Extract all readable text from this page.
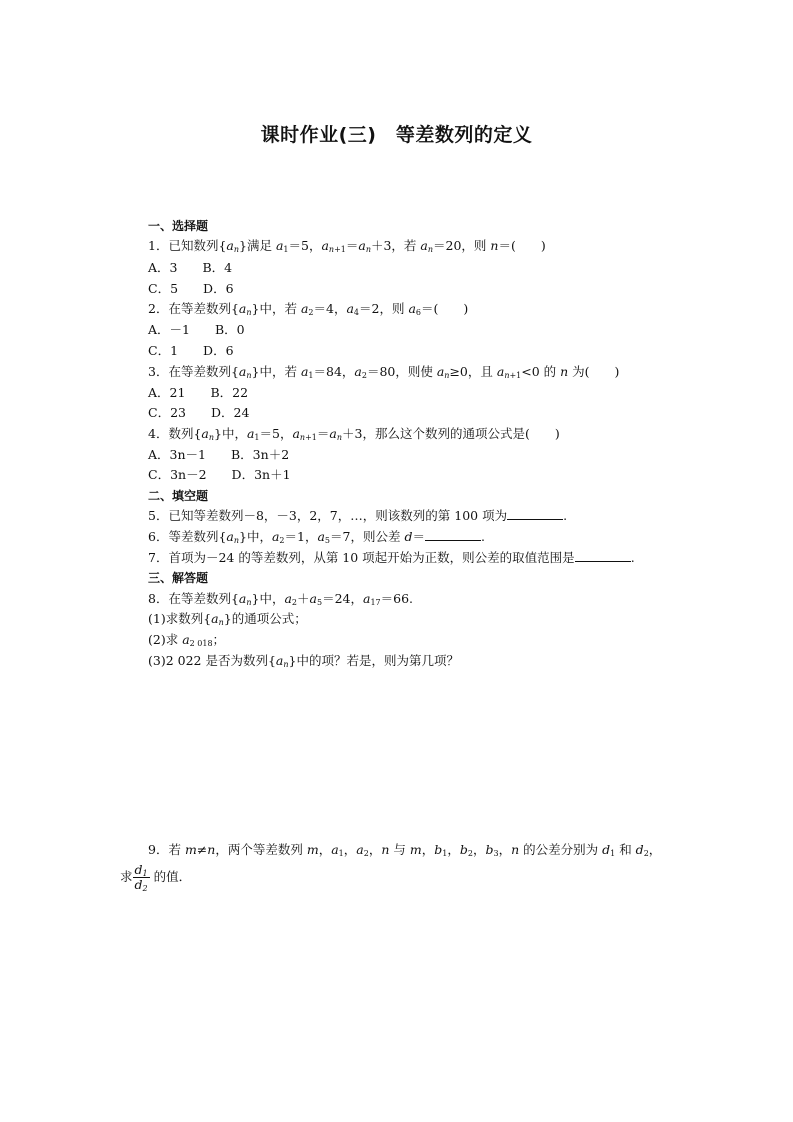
课时作业(三)　等差数列的定义
一、选择题
1．已知数列$\{a_n\}$满足 $a_1=5$，$a_{n+1}=a_n+3$，若 $a_n=20$，则 n＝(　　)
A．3　　 B．4
C．5　　 D．6
2．在等差数列$\{a_n\}$中，若 $a_2=4$，$a_4=2$，则 $a_6=$(　　)
A．－1　　 B．0
C．1　　 D．6
3．在等差数列$\{a_n\}$中，若 $a_1=84$，$a_2=80$，则使 $a_n\ge 0$，且 $a_{n+1}<0$ 的 n 为(　　)
A．21　　 B．22
C．23　　 D．24
4．数列$\{a_n\}$中，$a_1=5$，$a_{n+1}=a_n+3$，那么这个数列的通项公式是(　　)
A．3n－1　　 B．3n＋2
C．3n－2　　 D．3n＋1
二、填空题
5．已知等差数列－8，－3，2，7，…，则该数列的第 100 项为	.
6．等差数列$\{a_n\}$中，$a_2=1$，$a_5=7$，则公差 d＝	.
7．首项为－24 的等差数列，从第 10 项起开始为正数，则公差的取值范围是	.
三、解答题
8．在等差数列$\{a_n\}$中，$a_2+a_5=24$，$a_{17}=66$.
(1)求数列$\{a_n\}$的通项公式；
(2)求 $a_{2 018}$；
(3)2 022 是否为数列$\{a_n\}$中的项？若是，则为第几项？
9．若 m≠n，两个等差数列 m，$a_1$，$a_2$，n 与 m，$b_1$，$b_2$，$b_3$，n 的公差分别为 $d_1$ 和 $d_2$，
求 $\frac{d_1}{d_2}$ 的值．
